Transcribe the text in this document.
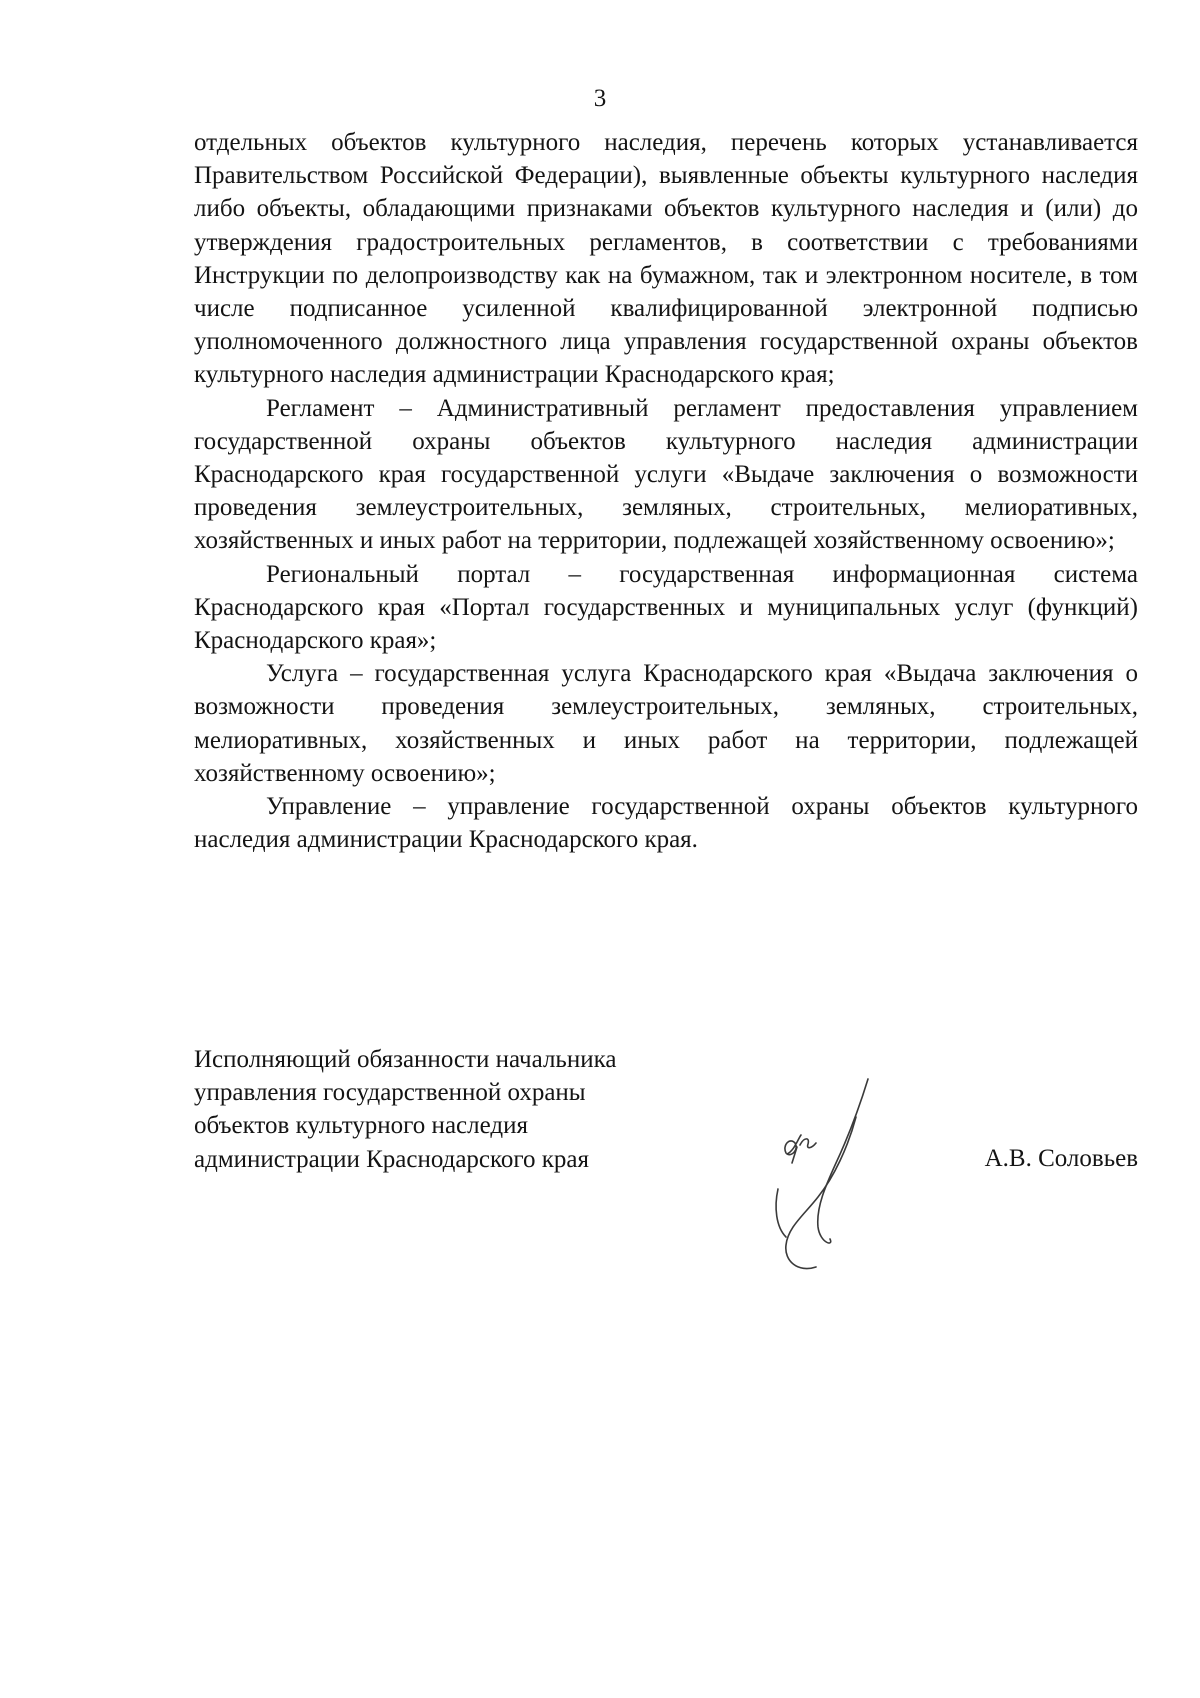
3

отдельных объектов культурного наследия, перечень которых устанавливается Правительством Российской Федерации), выявленные объекты культурного наследия либо объекты, обладающими признаками объектов культурного наследия и (или) до утверждения градостроительных регламентов, в соответствии с требованиями Инструкции по делопроизводству как на бумажном, так и электронном носителе, в том числе подписанное усиленной квалифицированной электронной подписью уполномоченного должностного лица управления государственной охраны объектов культурного наследия администрации Краснодарского края;

Регламент – Административный регламент предоставления управлением государственной охраны объектов культурного наследия администрации Краснодарского края государственной услуги «Выдаче заключения о возможности проведения землеустроительных, земляных, строительных, мелиоративных, хозяйственных и иных работ на территории, подлежащей хозяйственному освоению»;

Региональный портал – государственная информационная система Краснодарского края «Портал государственных и муниципальных услуг (функций) Краснодарского края»;

Услуга – государственная услуга Краснодарского края «Выдача заключения о возможности проведения землеустроительных, земляных, строительных, мелиоративных, хозяйственных и иных работ на территории, подлежащей хозяйственному освоению»;

Управление – управление государственной охраны объектов культурного наследия администрации Краснодарского края.

Исполняющий обязанности начальника
управления государственной охраны
объектов культурного наследия
администрации Краснодарского края	А.В. Соловьев
